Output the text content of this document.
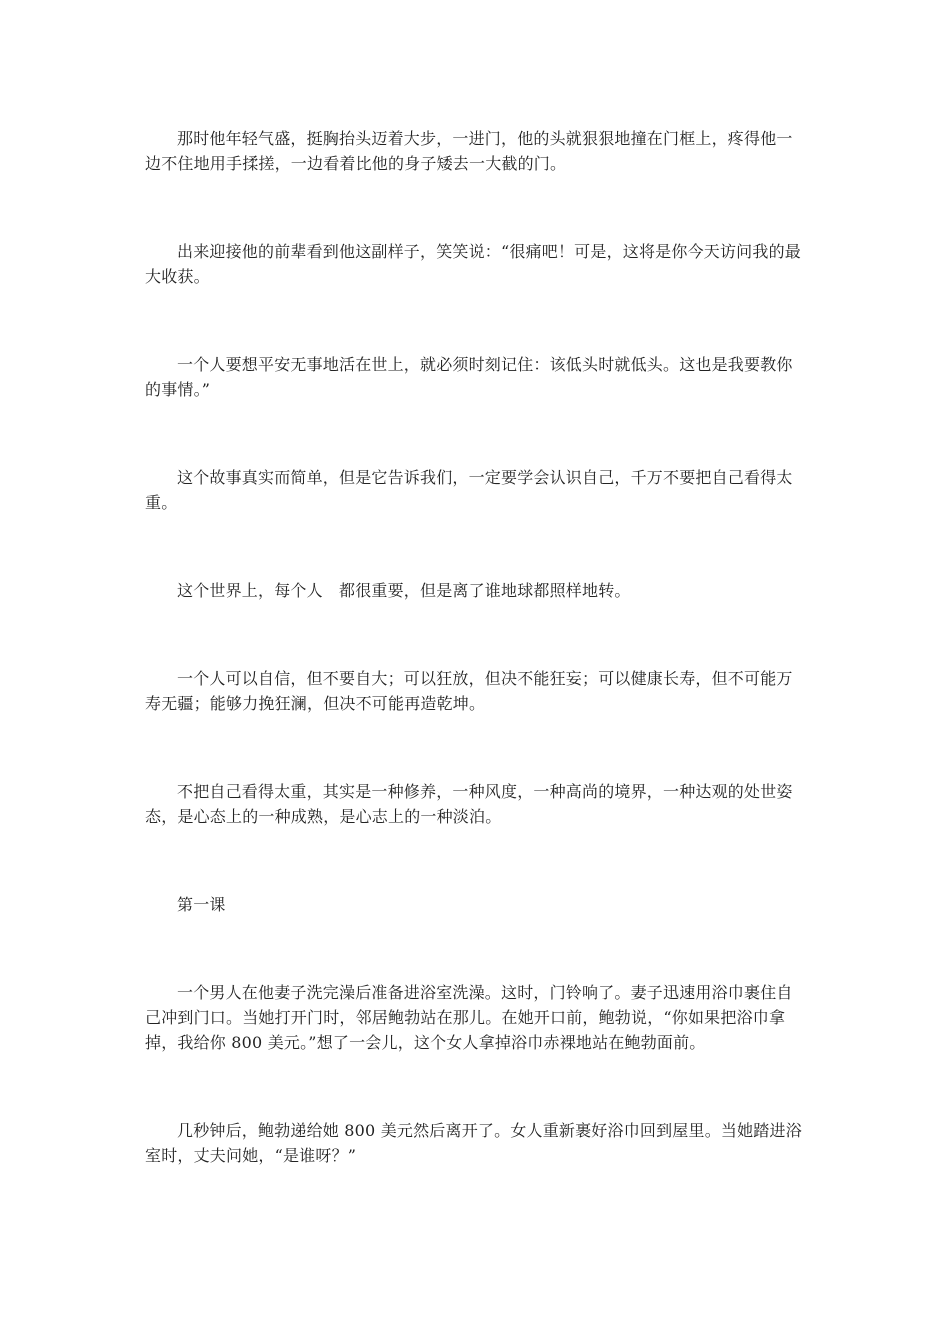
那时他年轻气盛，挺胸抬头迈着大步，一进门，他的头就狠狠地撞在门框上，疼得他一边不住地用手揉搓，一边看着比他的身子矮去一大截的门。

出来迎接他的前辈看到他这副样子，笑笑说：“很痛吧！可是，这将是你今天访问我的最大收获。

一个人要想平安无事地活在世上，就必须时刻记住：该低头时就低头。这也是我要教你的事情。”

这个故事真实而简单，但是它告诉我们，一定要学会认识自己，千万不要把自己看得太重。

这个世界上，每个人　都很重要，但是离了谁地球都照样地转。

一个人可以自信，但不要自大；可以狂放，但决不能狂妄；可以健康长寿，但不可能万寿无疆；能够力挽狂澜，但决不可能再造乾坤。

不把自己看得太重，其实是一种修养，一种风度，一种高尚的境界，一种达观的处世姿态，是心态上的一种成熟，是心志上的一种淡泊。

第一课

一个男人在他妻子洗完澡后准备进浴室洗澡。这时，门铃响了。妻子迅速用浴巾裹住自己冲到门口。当她打开门时，邻居鲍勃站在那儿。在她开口前，鲍勃说，“你如果把浴巾拿掉，我给你 800 美元。”想了一会儿，这个女人拿掉浴巾赤裸地站在鲍勃面前。

几秒钟后，鲍勃递给她 800 美元然后离开了。女人重新裹好浴巾回到屋里。当她踏进浴室时，丈夫问她，“是谁呀？”
